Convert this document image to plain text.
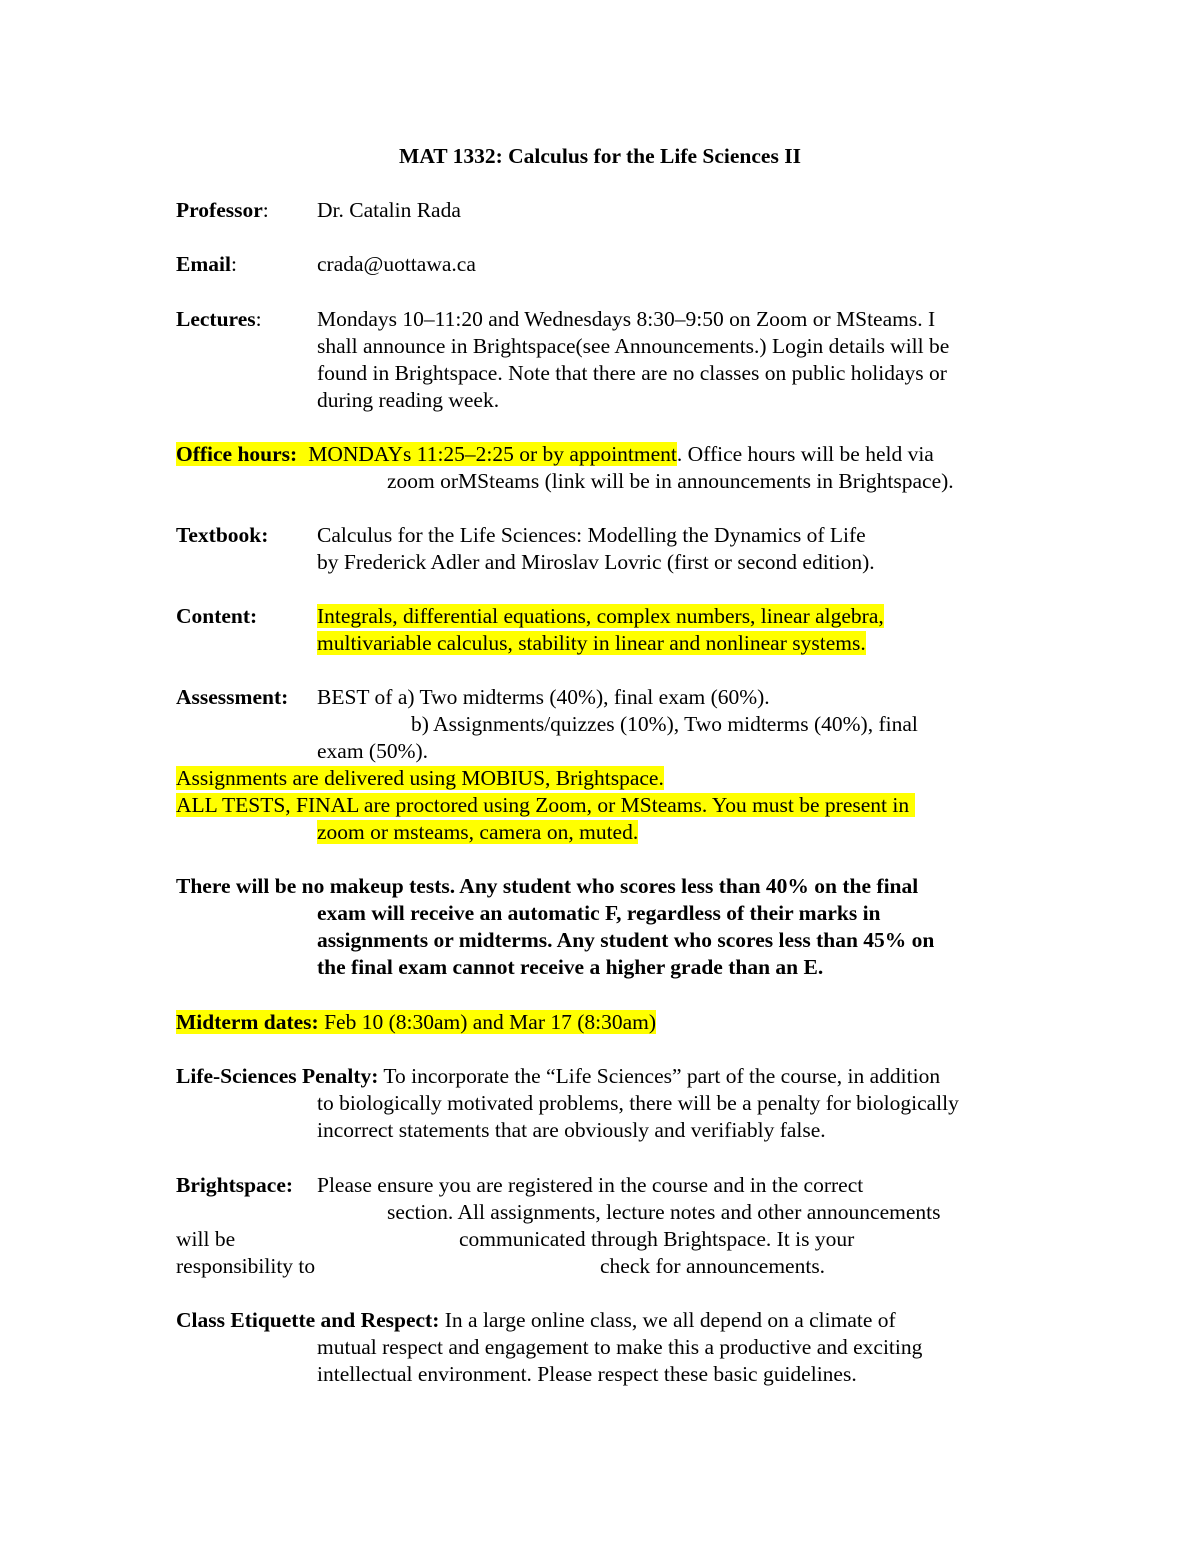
MAT 1332: Calculus for the Life Sciences II
Professor: Dr. Catalin Rada
Email:	crada@uottawa.ca
Lectures:	Mondays 10–11:20 and Wednesdays 8:30–9:50 on Zoom or MSteams. I
shall announce in Brightspace(see Announcements.) Login details will be
found in Brightspace. Note that there are no classes on public holidays or
during reading week.
Office hours: MONDAYs 11:25–2:25 or by appointment. Office hours will be held via
zoom orMSteams (link will be in announcements in Brightspace).
Textbook: Calculus for the Life Sciences: Modelling the Dynamics of Life
by Frederick Adler and Miroslav Lovric (first or second edition).
Content:	Integrals, differential equations, complex numbers, linear algebra,
multivariable calculus, stability in linear and nonlinear systems.
Assessment: BEST of a) Two midterms (40%), final exam (60%).
b) Assignments/quizzes (10%), Two midterms (40%), final
exam (50%).
Assignments are delivered using MOBIUS, Brightspace.
ALL TESTS, FINAL are proctored using Zoom, or MSteams. You must be present in
zoom or msteams, camera on, muted.
There will be no makeup tests. Any student who scores less than 40% on the final
exam will receive an automatic F, regardless of their marks in
assignments or midterms. Any student who scores less than 45% on
the final exam cannot receive a higher grade than an E.
Midterm dates: Feb 10 (8:30am) and Mar 17 (8:30am)
Life-Sciences Penalty: To incorporate the “Life Sciences” part of the course, in addition
to biologically motivated problems, there will be a penalty for biologically
incorrect statements that are obviously and verifiably false.
Brightspace: Please ensure you are registered in the course and in the correct
section. All assignments, lecture notes and other announcements
will be	communicated through Brightspace. It is your
responsibility to	check for announcements.
Class Etiquette and Respect: In a large online class, we all depend on a climate of
mutual respect and engagement to make this a productive and exciting
intellectual environment. Please respect these basic guidelines.
